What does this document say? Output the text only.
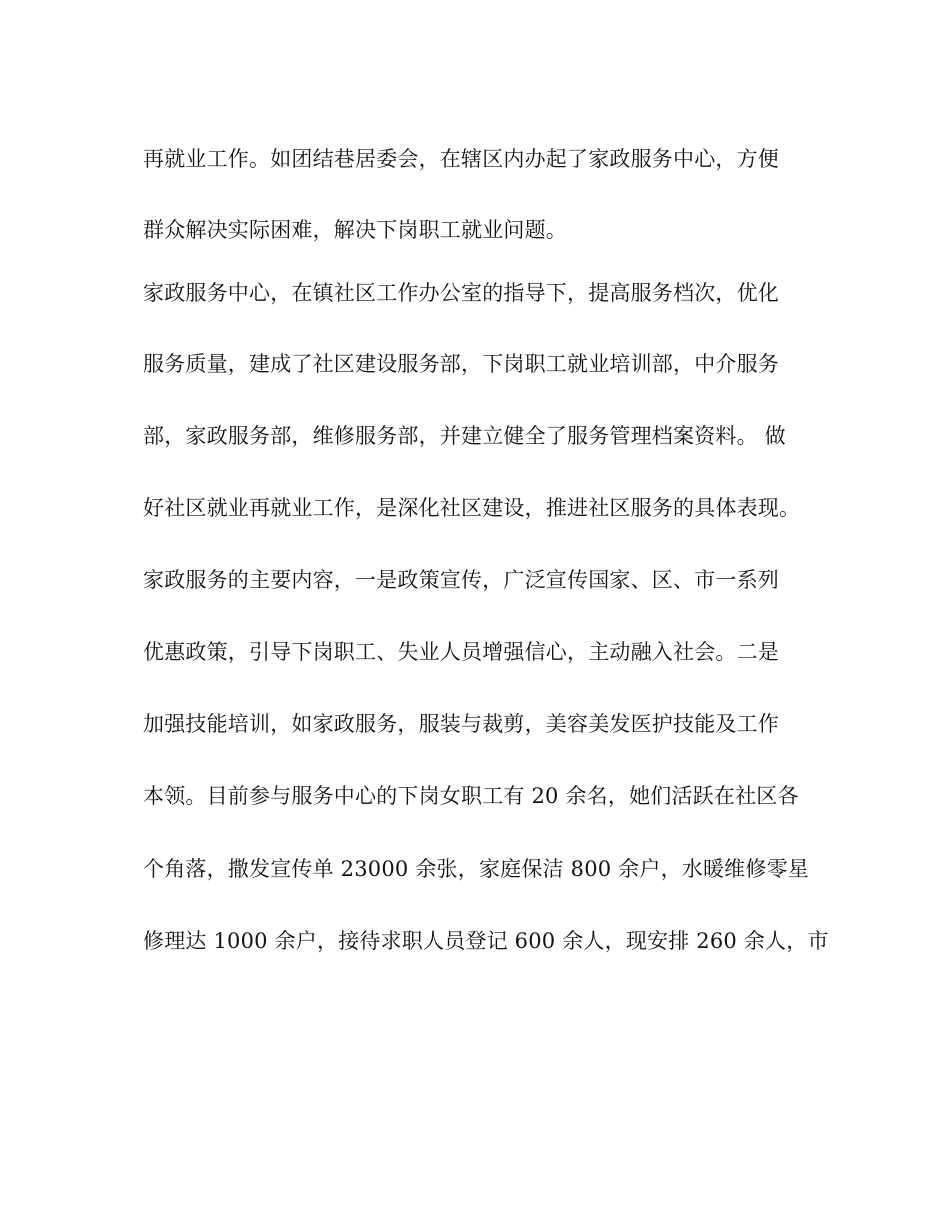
再就业工作。如团结巷居委会，在辖区内办起了家政服务中心，方便
群众解决实际困难，解决下岗职工就业问题。
家政服务中心，在镇社区工作办公室的指导下，提高服务档次，优化
服务质量，建成了社区建设服务部，下岗职工就业培训部，中介服务
部，家政服务部，维修服务部，并建立健全了服务管理档案资料。 做
好社区就业再就业工作，是深化社区建设，推进社区服务的具体表现。
家政服务的主要内容，一是政策宣传，广泛宣传国家、区、市一系列
优惠政策，引导下岗职工、失业人员增强信心，主动融入社会。二是
加强技能培训，如家政服务，服装与裁剪，美容美发医护技能及工作
本领。目前参与服务中心的下岗女职工有 20 余名，她们活跃在社区各
个角落，撒发宣传单 23000 余张，家庭保洁 800 余户，水暖维修零星
修理达 1000 余户，接待求职人员登记 600 余人，现安排 260 余人，市
